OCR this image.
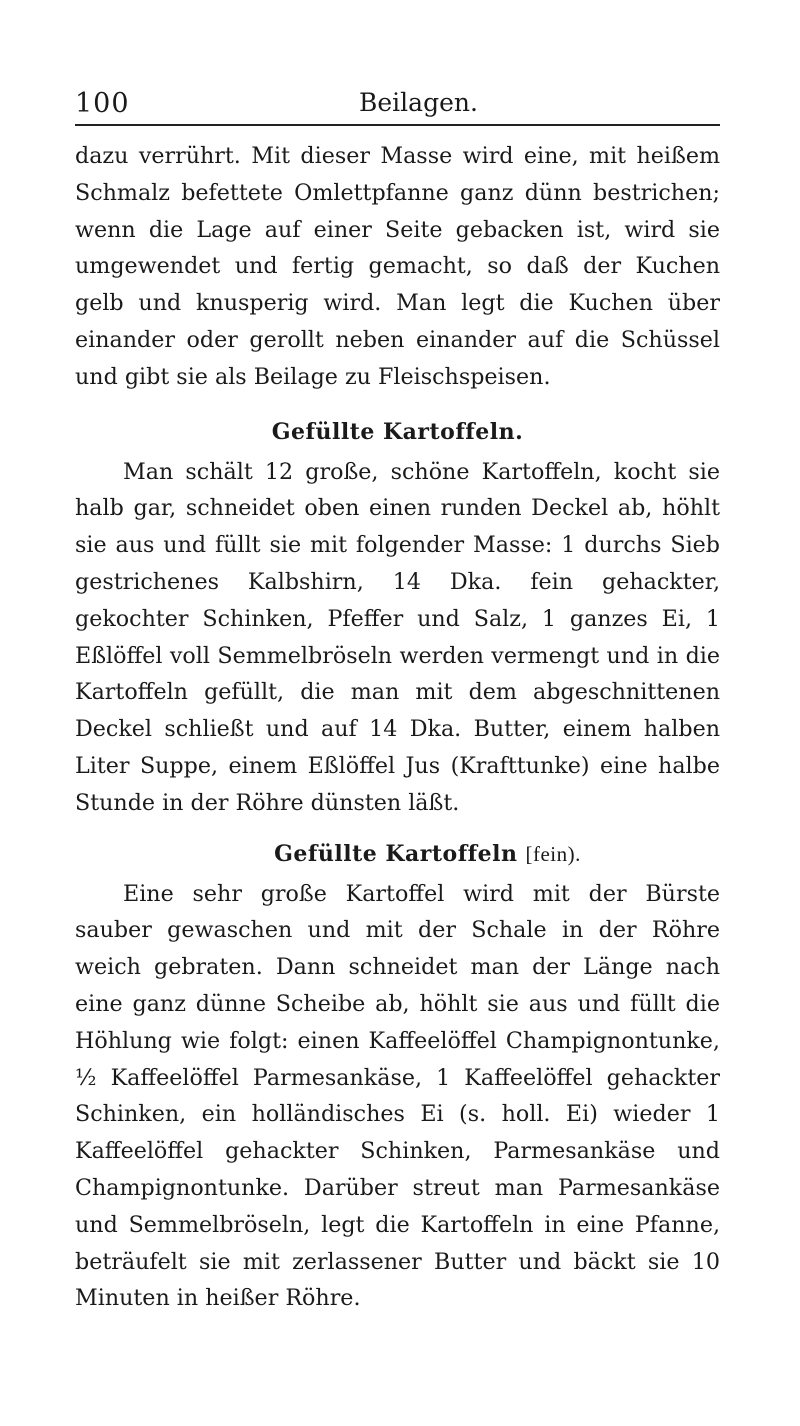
100	Beilagen.

dazu verrührt. Mit dieser Masse wird eine, mit heißem Schmalz befettete Omlettpfanne ganz dünn bestrichen; wenn die Lage auf einer Seite gebacken ist, wird sie umgewendet und fertig gemacht, so daß der Kuchen gelb und knusperig wird. Man legt die Kuchen über einander oder gerollt neben einander auf die Schüssel und gibt sie als Beilage zu Fleischspeisen.

Gefüllte Kartoffeln.

Man schält 12 große, schöne Kartoffeln, kocht sie halb gar, schneidet oben einen runden Deckel ab, höhlt sie aus und füllt sie mit folgender Masse: 1 durchs Sieb gestrichenes Kalbshirn, 14 Dka. fein gehackter, gekochter Schinken, Pfeffer und Salz, 1 ganzes Ei, 1 Eßlöffel voll Semmelbröseln werden vermengt und in die Kartoffeln gefüllt, die man mit dem abgeschnittenen Deckel schließt und auf 14 Dka. Butter, einem halben Liter Suppe, einem Eßlöffel Jus (Krafttunke) eine halbe Stunde in der Röhre dünsten läßt.

Gefüllte Kartoffeln [fein).

Eine sehr große Kartoffel wird mit der Bürste sauber gewaschen und mit der Schale in der Röhre weich gebraten. Dann schneidet man der Länge nach eine ganz dünne Scheibe ab, höhlt sie aus und füllt die Höhlung wie folgt: einen Kaffeelöffel Champignontunke, ½ Kaffeelöffel Parmesankäse, 1 Kaffeelöffel gehackter Schinken, ein holländisches Ei (s. holl. Ei) wieder 1 Kaffeelöffel gehackter Schinken, Parmesankäse und Champignontunke. Darüber streut man Parmesankäse und Semmelbröseln, legt die Kartoffeln in eine Pfanne, beträufelt sie mit zerlassener Butter und bäckt sie 10 Minuten in heißer Röhre.
